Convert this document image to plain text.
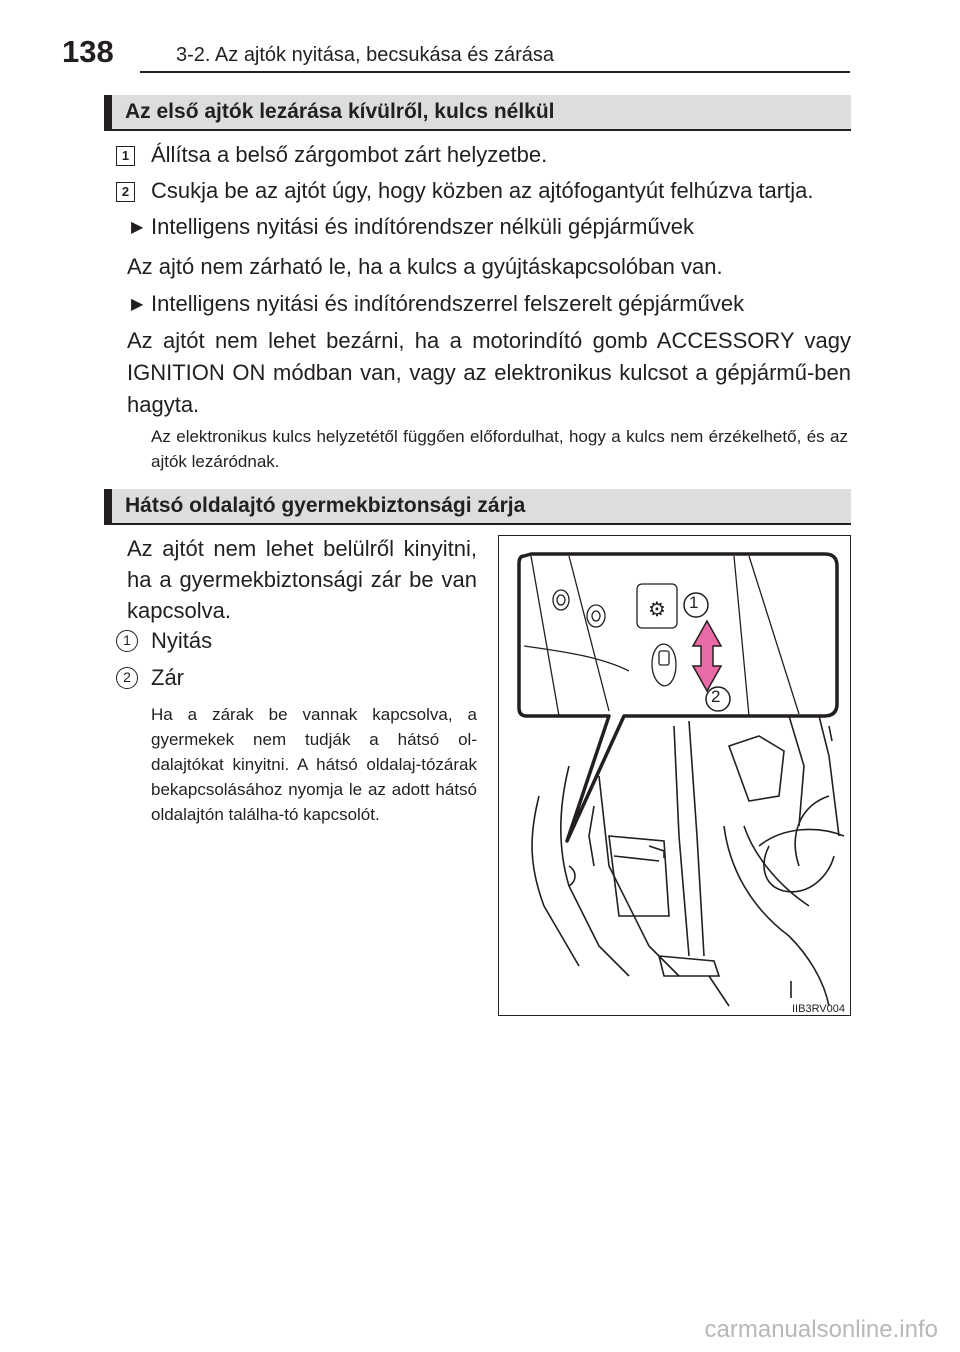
138	3-2. Az ajtók nyitása, becsukása és zárása
Az első ajtók lezárása kívülről, kulcs nélkül
1 Állítsa a belső zárgombot zárt helyzetbe.
2 Csukja be az ajtót úgy, hogy közben az ajtófogantyút felhúzva tartja.
▶ Intelligens nyitási és indítórendszer nélküli gépjárművek
Az ajtó nem zárható le, ha a kulcs a gyújtáskapcsolóban van.
▶ Intelligens nyitási és indítórendszerrel felszerelt gépjárművek
Az ajtót nem lehet bezárni, ha a motorindító gomb ACCESSORY vagy IGNITION ON módban van, vagy az elektronikus kulcsot a gépjármű-ben hagyta.
Az elektronikus kulcs helyzetétől függően előfordulhat, hogy a kulcs nem érzékelhető, és az ajtók lezáródnak.
Hátsó oldalajtó gyermekbiztonsági zárja
Az ajtót nem lehet belülről kinyitni, ha a gyermekbiztonsági zár be van kapcsolva.
1 Nyitás
2 Zár
Ha a zárak be vannak kapcsolva, a gyermekek nem tudják a hátsó ol-dalajtókat kinyitni. A hátsó oldalaj-tózárak bekapcsolásához nyomja le az adott hátsó oldalajtón találha-tó kapcsolót.
⚙ 1
2
IIB3RV004
carmanualsonline.info
